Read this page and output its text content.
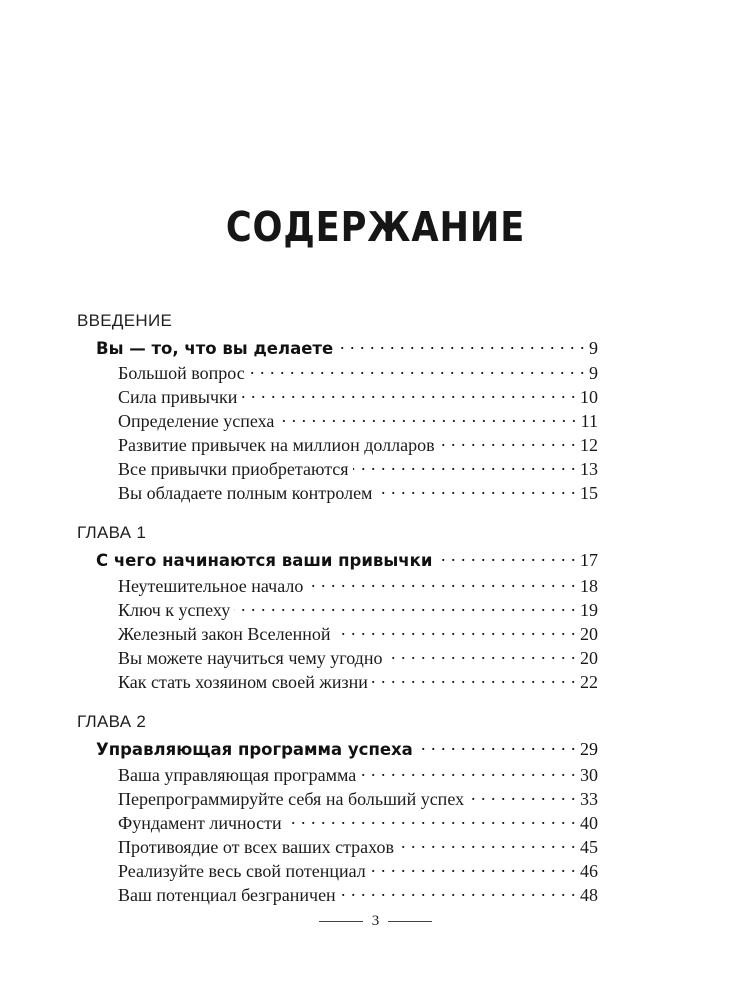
СОДЕРЖАНИЕ
ВВЕДЕНИЕ
Вы — то, что вы делаете . . .	9
Большой вопрос . . .	9
Сила привычки . . .	10
Определение успеха . . .	11
Развитие привычек на миллион долларов . . .	12
Все привычки приобретаются . . .	13
Вы обладаете полным контролем . . .	15
ГЛАВА 1
С чего начинаются ваши привычки . . .	17
Неутешительное начало . . .	18
Ключ к успеху . . .	19
Железный закон Вселенной . . .	20
Вы можете научиться чему угодно . . .	20
Как стать хозяином своей жизни . . .	22
ГЛАВА 2
Управляющая программа успеха . . .	29
Ваша управляющая программа . . .	30
Перепрограммируйте себя на больший успех . . .	33
Фундамент личности . . .	40
Противоядие от всех ваших страхов . . .	45
Реализуйте весь свой потенциал . . .	46
Ваш потенциал безграничен . . .	48
3
